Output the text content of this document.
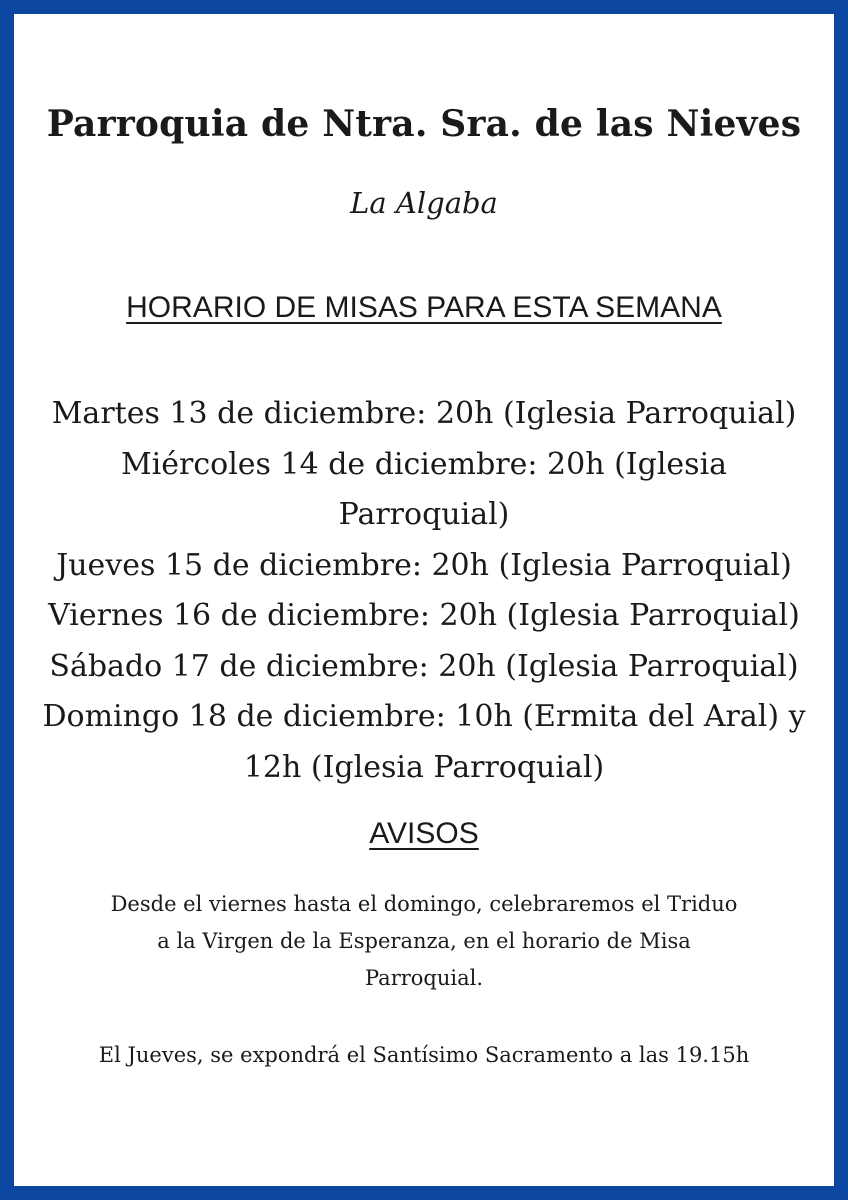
Parroquia de Ntra. Sra. de las Nieves

La Algaba

HORARIO DE MISAS PARA ESTA SEMANA
Martes 13 de diciembre: 20h (Iglesia Parroquial)
Miércoles 14 de diciembre: 20h (Iglesia Parroquial)
Jueves 15 de diciembre: 20h (Iglesia Parroquial)
Viernes 16 de diciembre: 20h (Iglesia Parroquial)
Sábado 17 de diciembre: 20h (Iglesia Parroquial)
Domingo 18 de diciembre: 10h (Ermita del Aral) y 12h (Iglesia Parroquial)
AVISOS

Desde el viernes hasta el domingo, celebraremos el Triduo a la Virgen de la Esperanza, en el horario de Misa Parroquial.

El Jueves, se expondrá el Santísimo Sacramento a las 19.15h
